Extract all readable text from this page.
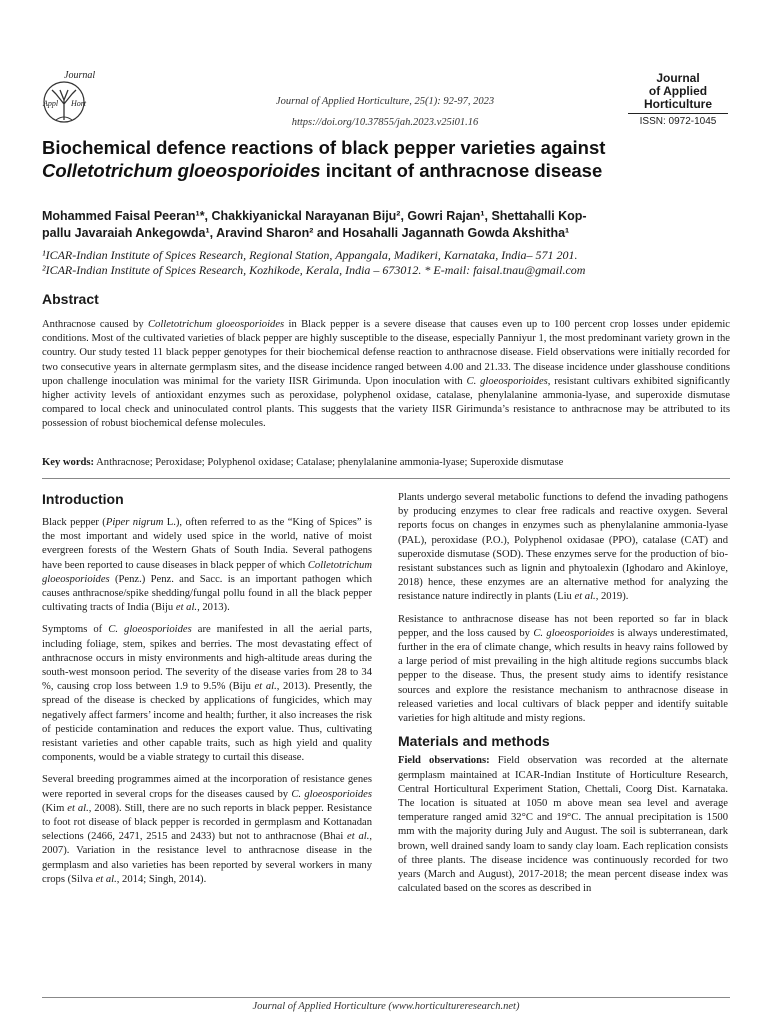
Journal
Appl Hort	Journal of Applied Horticulture, 25(1): 92-97, 2023
https://doi.org/10.37855/jah.2023.v25i01.16
Journal
of Applied
Horticulture
ISSN: 0972-1045
Biochemical defence reactions of black pepper varieties against
Colletotrichum gloeosporioides incitant of anthracnose disease
Mohammed Faisal Peeran¹*, Chakkiyanickal Narayanan Biju², Gowri Rajan¹, Shettahalli Kop-
pallu Javaraiah Ankegowda¹, Aravind Sharon² and Hosahalli Jagannath Gowda Akshitha¹
¹ICAR-Indian Institute of Spices Research, Regional Station, Appangala, Madikeri, Karnataka, India– 571 201.
²ICAR-Indian Institute of Spices Research, Kozhikode, Kerala, India – 673012. * E-mail: faisal.tnau@gmail.com
Abstract
Anthracnose caused by Colletotrichum gloeosporioides in Black pepper is a severe disease that causes even up to 100 percent crop losses under epidemic conditions. Most of the cultivated varieties of black pepper are highly susceptible to the disease, especially Panniyur 1, the most predominant variety grown in the country. Our study tested 11 black pepper genotypes for their biochemical defense reaction to anthracnose disease. Field observations were initially recorded for two consecutive years in alternate germplasm sites, and the disease incidence ranged between 4.00 and 21.33. The disease incidence under glasshouse conditions upon challenge inoculation was minimal for the variety IISR Girimunda. Upon inoculation with C. gloeosporioides, resistant cultivars exhibited significantly higher activity levels of antioxidant enzymes such as peroxidase, polyphenol oxidase, catalase, phenylalanine ammonia-lyase, and superoxide dismutase compared to local check and uninoculated control plants. This suggests that the variety IISR Girimunda’s resistance to anthracnose may be attributed to its possession of robust biochemical defense molecules.
Key words: Anthracnose; Peroxidase; Polyphenol oxidase; Catalase; phenylalanine ammonia-lyase; Superoxide dismutase
Introduction

Black pepper (Piper nigrum L.), often referred to as the “King of Spices” is the most important and widely used spice in the world, native of moist evergreen forests of the Western Ghats of South India. Several pathogens have been reported to cause diseases in black pepper of which Colletotrichum gloeosporioides (Penz.) Penz. and Sacc. is an important pathogen which causes anthracnose/spike shedding/fungal pollu found in all the black pepper cultivating tracts of India (Biju et al., 2013).

Symptoms of C. gloeosporioides are manifested in all the aerial parts, including foliage, stem, spikes and berries. The most devastating effect of anthracnose occurs in misty environments and high-altitude areas during the south-west monsoon period. The severity of the disease varies from 28 to 34 %, causing crop loss between 1.9 to 9.5% (Biju et al., 2013). Presently, the spread of the disease is checked by applications of fungicides, which may negatively affect farmers’ income and health; further, it also increases the risk of pesticide contamination and reduces the export value. Thus, cultivating resistant varieties and other capable traits, such as high yield and quality components, would be a viable strategy to curtail this disease.

Several breeding programmes aimed at the incorporation of resistance genes were reported in several crops for the diseases caused by C. gloeosporioides (Kim et al., 2008). Still, there are no such reports in black pepper. Resistance to foot rot disease of black pepper is recorded in germplasm and Kottanadan selections (2466, 2471, 2515 and 2433) but not to anthracnose (Bhai et al., 2007). Variation in the resistance level to anthracnose disease in the germplasm and also varieties has been reported by several workers in many crops (Silva et al., 2014; Singh, 2014).

Plants undergo several metabolic functions to defend the invading pathogens by producing enzymes to clear free radicals and reactive oxygen. Several reports focus on changes in enzymes such as phenylalanine ammonia-lyase (PAL), peroxidase (P.O.), Polyphenol oxidasae (PPO), catalase (CAT) and superoxide dismutase (SOD). These enzymes serve for the production of bio-resistant substances such as lignin and phytoalexin (Ighodaro and Akinloye, 2018) hence, these enzymes are an alternative method for analyzing the resistance nature indirectly in plants (Liu et al., 2019).

Resistance to anthracnose disease has not been reported so far in black pepper, and the loss caused by C. gloeosporioides is always underestimated, further in the era of climate change, which results in heavy rains followed by a large period of mist prevailing in the high altitude regions succumbs black pepper to the disease. Thus, the present study aims to identify resistance sources and explore the resistance mechanism to anthracnose disease in released varieties and local cultivars of black pepper and identify suitable varieties for high altitude and misty regions.

Materials and methods

Field observations: Field observation was recorded at the alternate germplasm maintained at ICAR-Indian Institute of Horticulture Research, Central Horticultural Experiment Station, Chettali, Coorg Dist. Karnataka. The location is situated at 1050 m above mean sea level and average temperature ranged amid 32°C and 19°C. The annual precipitation is 1500 mm with the majority during July and August. The soil is subterranean, dark brown, well drained sandy loam to sandy clay loam. Each replication consists of three plants. The disease incidence was continuously recorded for two years (March and August), 2017-2018; the mean percent disease index was calculated based on the scores as described in

Journal of Applied Horticulture (www.horticultureresearch.net)
